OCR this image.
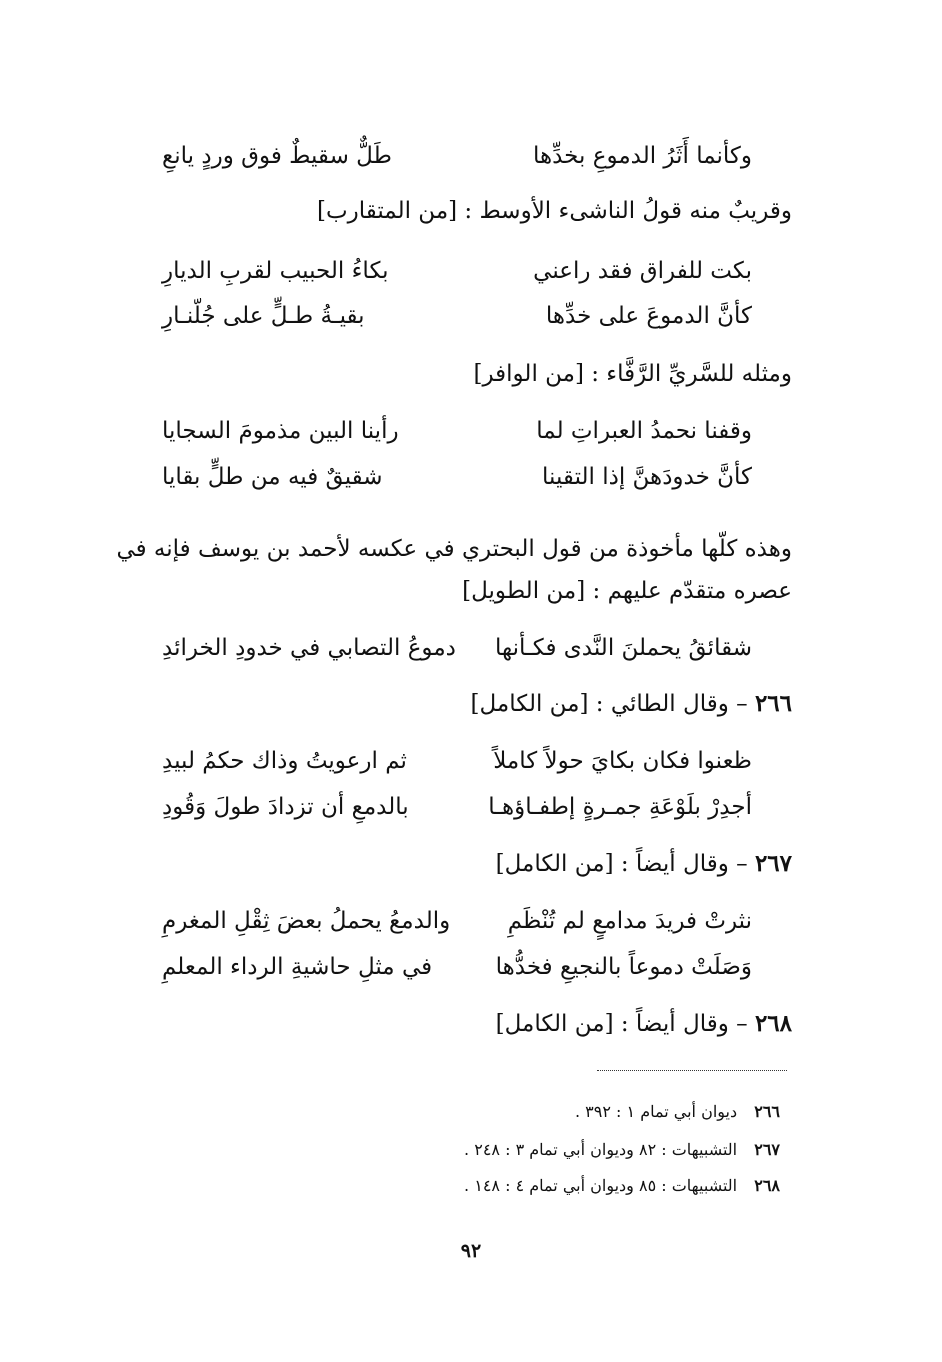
وكأنما أَثَرُ الدموعِ بخدِّها
طَلٌّ سقيطٌ فوق وردٍ يانعِ
وقريبٌ منه قولُ الناشىء الأوسط : [من المتقارب]
بكت للفراق فقد راعني
بكاءُ الحبيب لقربِ الديارِ
كأنَّ الدموعَ على خدِّها
بقيـةُ طـلٍّ على جُلّنـارِ
ومثله للسَّريِّ الرَّفَّاء : [من الوافر]
وقفنا نحمدُ العبراتِ لما
رأينا البين مذمومَ السجايا
كأنَّ خدودَهنَّ إذا التقينا
شقيقٌ فيه من طلٍّ بقايا
وهذه كلّها مأخوذة من قول البحتري في عكسه لأحمد بن يوسف فإنه في
عصره متقدّم عليهم : [من الطويل]
شقائقُ يحملنَ النَّدى فكـأنها
دموعُ التصابي في خدودِ الخرائدِ
٢٦٦ – وقال الطائي : [من الكامل]
ظعنوا فكان بكايَ حولاً كاملاً
ثم ارعويتُ وذاك حكمُ لبيدِ
أجدِرْ بلَوْعَةِ جمـرةٍ إطفـاؤهـا
بالدمعِ أن تزدادَ طولَ وَقُودِ
٢٦٧ – وقال أيضاً : [من الكامل]
نثرتْ فريدَ مدامعٍ لم تُنْظَمِ
والدمعُ يحملُ بعضَ ثِقْلِ المغرمِ
وَصَلَتْ دموعاً بالنجيعِ فخدُّها
في مثلِ حاشيةِ الرداء المعلمِ
٢٦٨ – وقال أيضاً : [من الكامل]
٢٦٦ ديوان أبي تمام ١ : ٣٩٢ .
٢٦٧ التشبيهات : ٨٢ وديوان أبي تمام ٣ : ٢٤٨ .
٢٦٨ التشبيهات : ٨٥ وديوان أبي تمام ٤ : ١٤٨ .
٩٢
